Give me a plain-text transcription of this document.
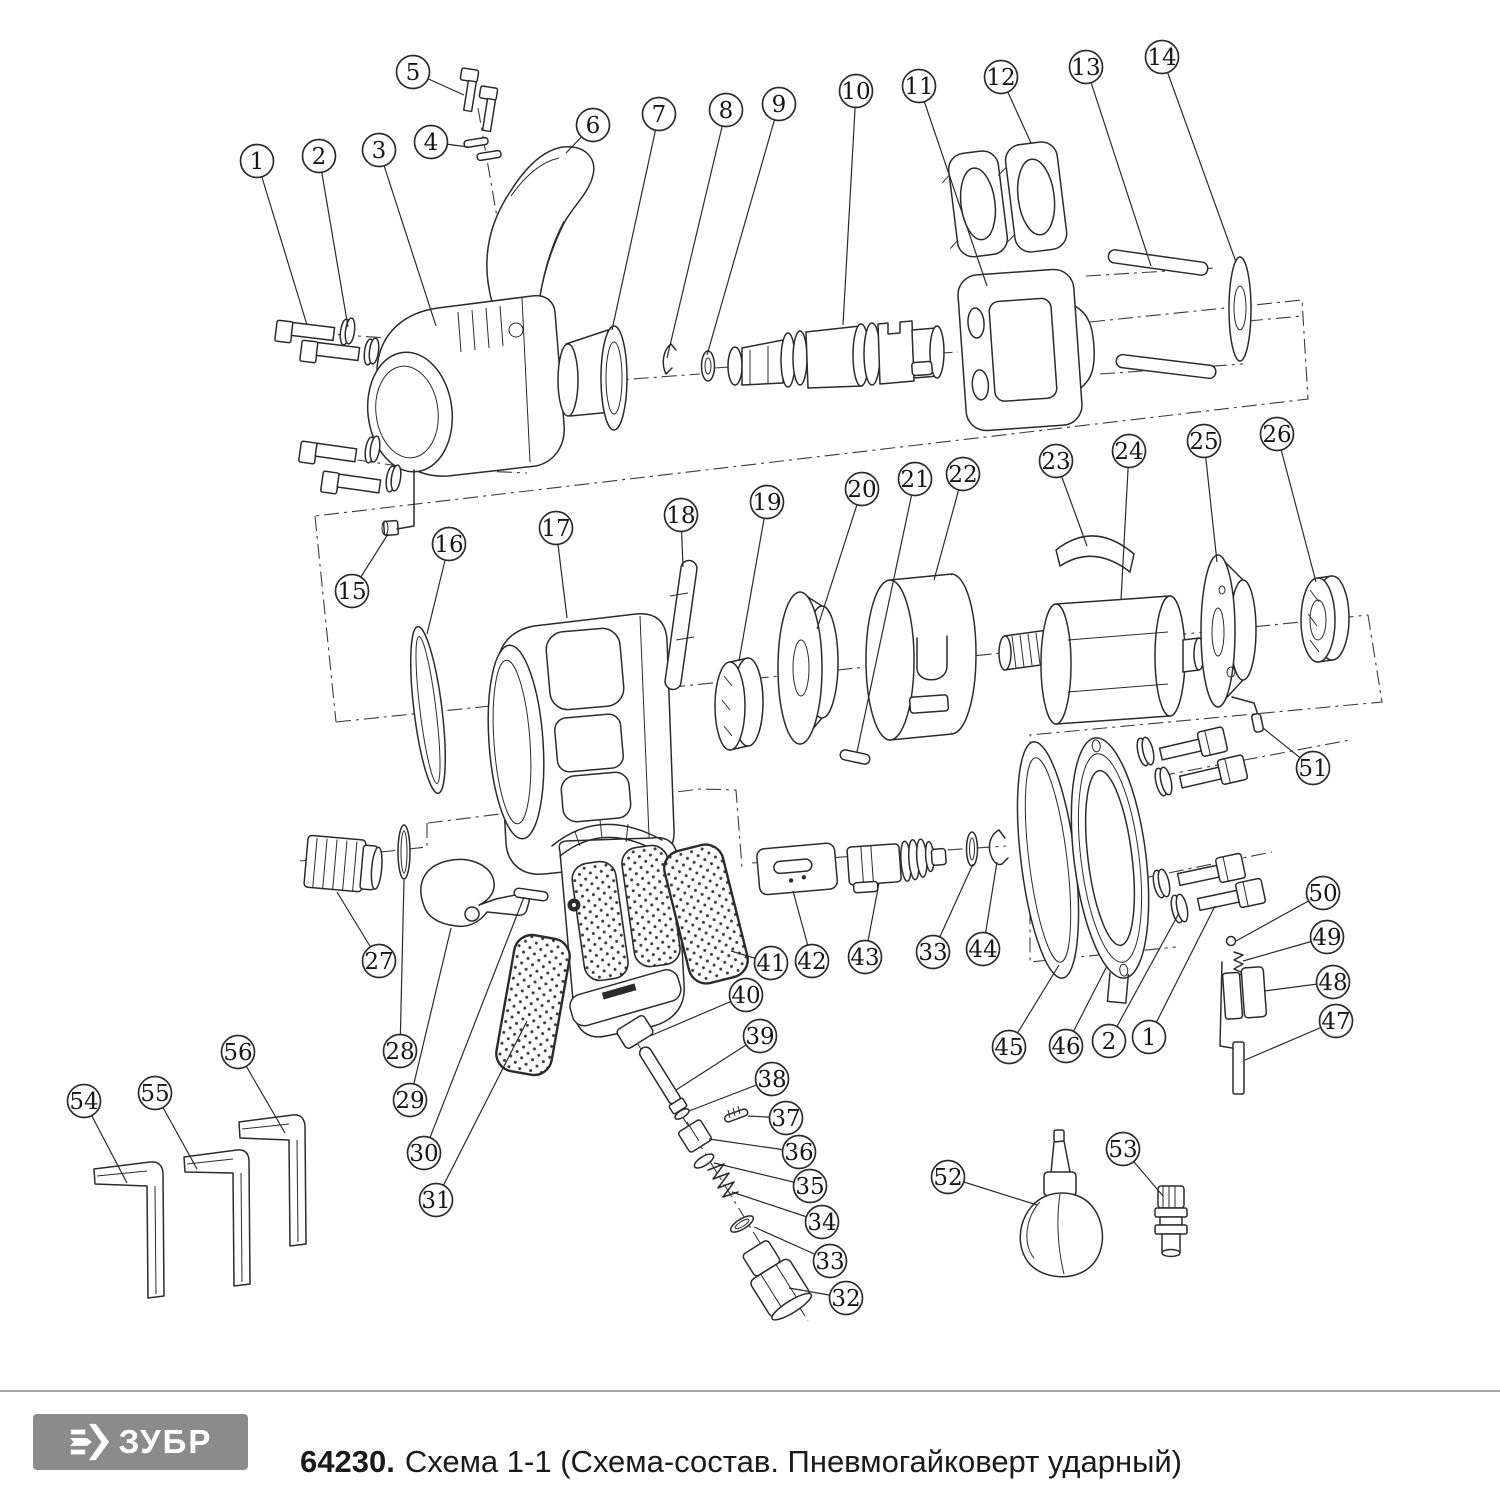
5
6
1 2 3 4
7 8 9 10 11 12 13 14
15
16
17	18 19	20 21 22	23 24 25 26
27
28
29
30
31
41 42 43 33 44
45 46 2 1
40
39
38
37
36
35
34
33
32
47
48
49
50
51
52
53
54 55
56
ЗУБР
64230. Схема 1-1 (Схема-состав. Пневмогайковерт ударный)
